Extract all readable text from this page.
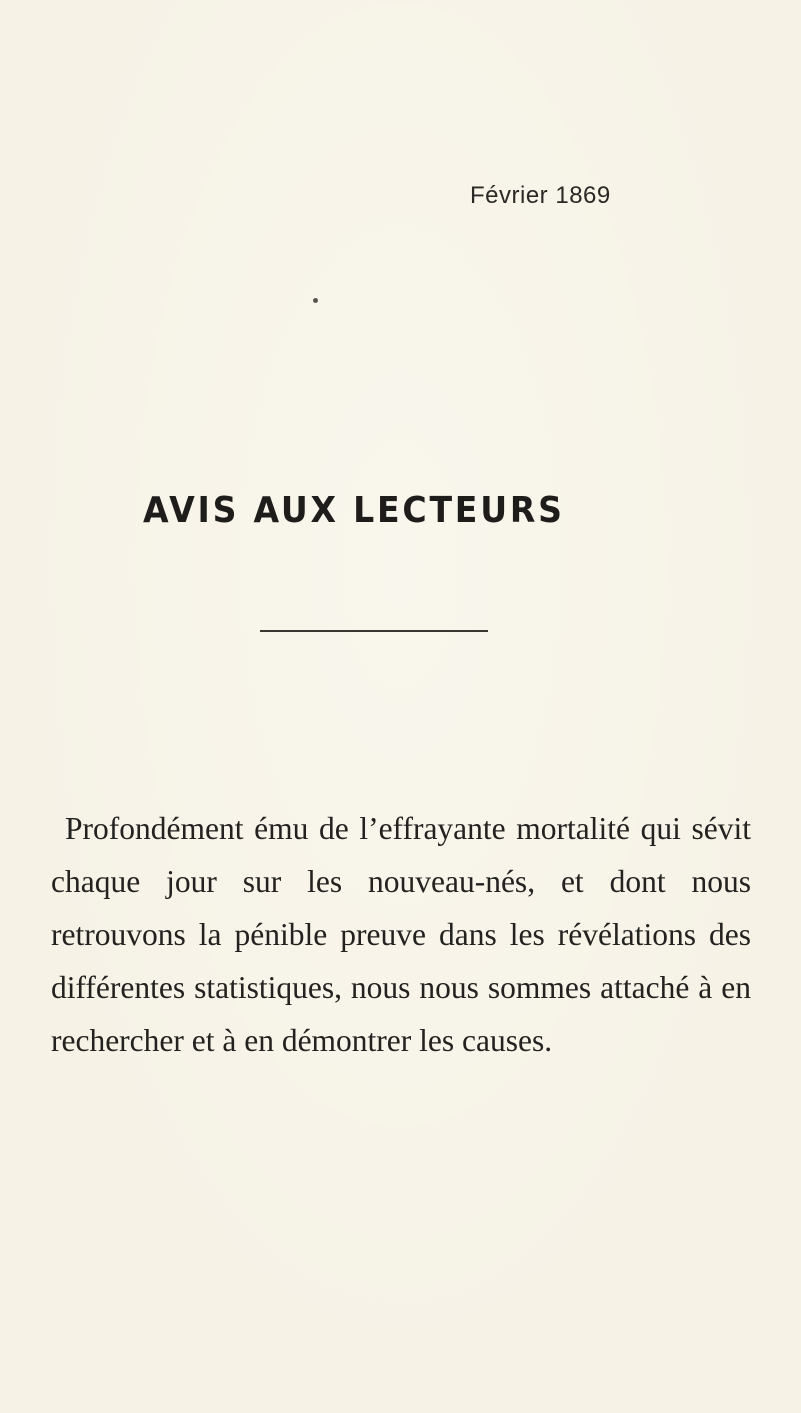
Février 1869
AVIS AUX LECTEURS

Profondément ému de l’effrayante mortalité qui sévit chaque jour sur les nouveau-nés, et dont nous retrouvons la pénible preuve dans les révélations des différentes statistiques, nous nous sommes attaché à en rechercher et à en démontrer les causes.
